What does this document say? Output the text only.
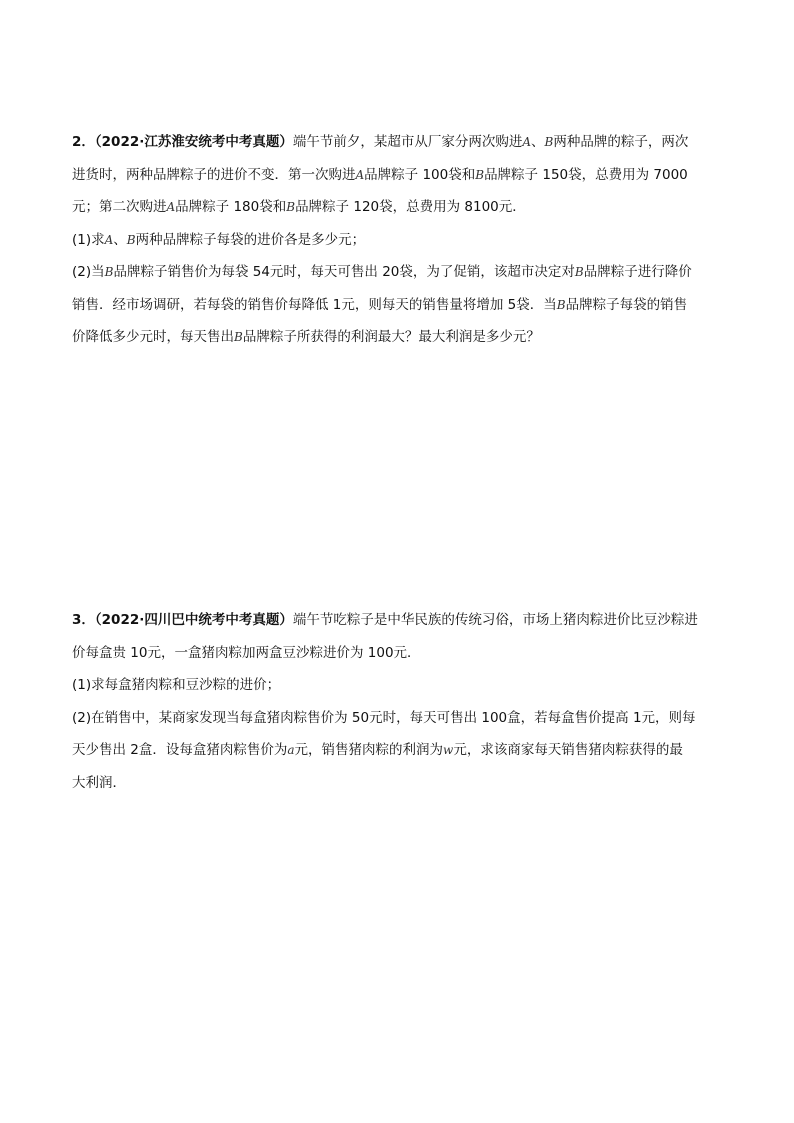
2．（2022·江苏淮安统考中考真题）端午节前夕，某超市从厂家分两次购进A、B两种品牌的粽子，两次
进货时，两种品牌粽子的进价不变．第一次购进A品牌粽子 100袋和B品牌粽子 150袋，总费用为 7000
元；第二次购进A品牌粽子 180袋和B品牌粽子 120袋，总费用为 8100元．
(1)求A、B两种品牌粽子每袋的进价各是多少元；
(2)当B品牌粽子销售价为每袋 54元时，每天可售出 20袋，为了促销，该超市决定对B品牌粽子进行降价
销售．经市场调研，若每袋的销售价每降低 1元，则每天的销售量将增加 5袋．当B品牌粽子每袋的销售
价降低多少元时，每天售出B品牌粽子所获得的利润最大？最大利润是多少元？
3．（2022·四川巴中统考中考真题）端午节吃粽子是中华民族的传统习俗，市场上猪肉粽进价比豆沙粽进
价每盒贵 10元，一盒猪肉粽加两盒豆沙粽进价为 100元．
(1)求每盒猪肉粽和豆沙粽的进价；
(2)在销售中，某商家发现当每盒猪肉粽售价为 50元时，每天可售出 100盒，若每盒售价提高 1元，则每
天少售出 2盒．设每盒猪肉粽售价为a元，销售猪肉粽的利润为w元，求该商家每天销售猪肉粽获得的最
大利润．
